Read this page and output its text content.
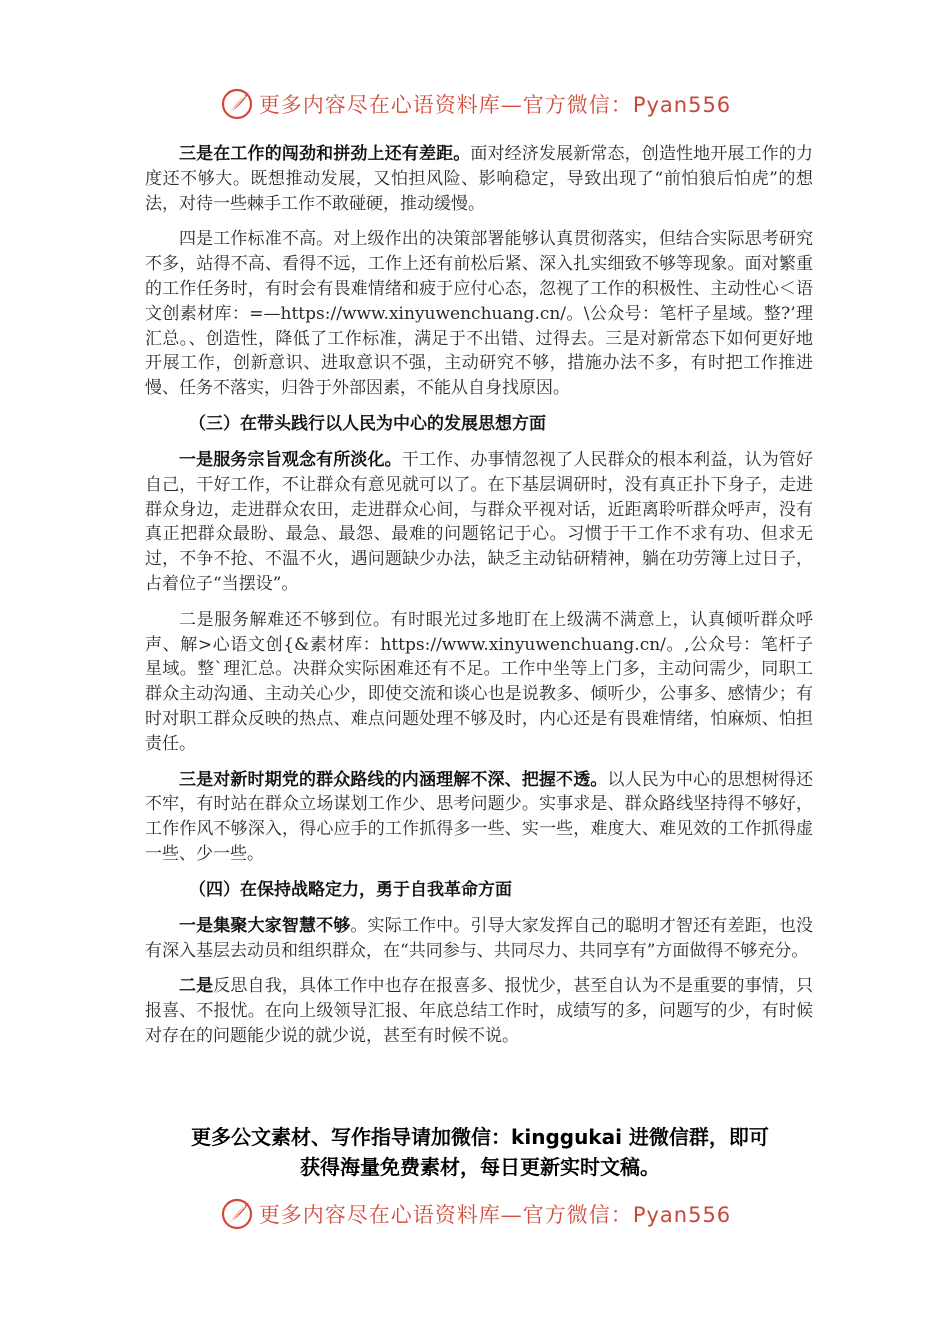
更多内容尽在心语资料库—官方微信：Pyan556

三是在工作的闯劲和拼劲上还有差距。面对经济发展新常态，创造性地开展工作的力度还不够大。既想推动发展，又怕担风险、影响稳定，导致出现了“前怕狼后怕虎”的想法，对待一些棘手工作不敢碰硬，推动缓慢。

四是工作标准不高。对上级作出的决策部署能够认真贯彻落实，但结合实际思考研究不多，站得不高、看得不远，工作上还有前松后紧、深入扎实细致不够等现象。面对繁重的工作任务时，有时会有畏难情绪和疲于应付心态，忽视了工作的积极性、主动性心＜语文创素材库：=—https://www.xinyuwenchuang.cn/。\公众号：笔杆子星域。整?’理汇总。、创造性，降低了工作标准，满足于不出错、过得去。三是对新常态下如何更好地开展工作，创新意识、进取意识不强，主动研究不够，措施办法不多，有时把工作推进慢、任务不落实，归咎于外部因素，不能从自身找原因。

（三）在带头践行以人民为中心的发展思想方面

一是服务宗旨观念有所淡化。干工作、办事情忽视了人民群众的根本利益，认为管好自己，干好工作，不让群众有意见就可以了。在下基层调研时，没有真正扑下身子，走进群众身边，走进群众农田，走进群众心间，与群众平视对话，近距离聆听群众呼声，没有真正把群众最盼、最急、最怨、最难的问题铭记于心。习惯于干工作不求有功、但求无过，不争不抢、不温不火，遇问题缺少办法，缺乏主动钻研精神，躺在功劳簿上过日子，占着位子“当摆设”。

二是服务解难还不够到位。有时眼光过多地盯在上级满不满意上，认真倾听群众呼声、解>心语文创{&素材库：https://www.xinyuwenchuang.cn/。,公众号：笔杆子星域。整`理汇总。决群众实际困难还有不足。工作中坐等上门多，主动问需少，同职工群众主动沟通、主动关心少，即使交流和谈心也是说教多、倾听少，公事多、感情少；有时对职工群众反映的热点、难点问题处理不够及时，内心还是有畏难情绪，怕麻烦、怕担责任。

三是对新时期党的群众路线的内涵理解不深、把握不透。以人民为中心的思想树得还不牢，有时站在群众立场谋划工作少、思考问题少。实事求是、群众路线坚持得不够好，工作作风不够深入，得心应手的工作抓得多一些、实一些，难度大、难见效的工作抓得虚一些、少一些。

（四）在保持战略定力，勇于自我革命方面

一是集聚大家智慧不够。实际工作中。引导大家发挥自己的聪明才智还有差距，也没有深入基层去动员和组织群众，在“共同参与、共同尽力、共同享有”方面做得不够充分。

二是反思自我，具体工作中也存在报喜多、报忧少，甚至自认为不是重要的事情，只报喜、不报忧。在向上级领导汇报、年底总结工作时，成绩写的多，问题写的少，有时候对存在的问题能少说的就少说，甚至有时候不说。

更多公文素材、写作指导请加微信：kinggukai 进微信群，即可
获得海量免费素材，每日更新实时文稿。
更多内容尽在心语资料库—官方微信：Pyan556
